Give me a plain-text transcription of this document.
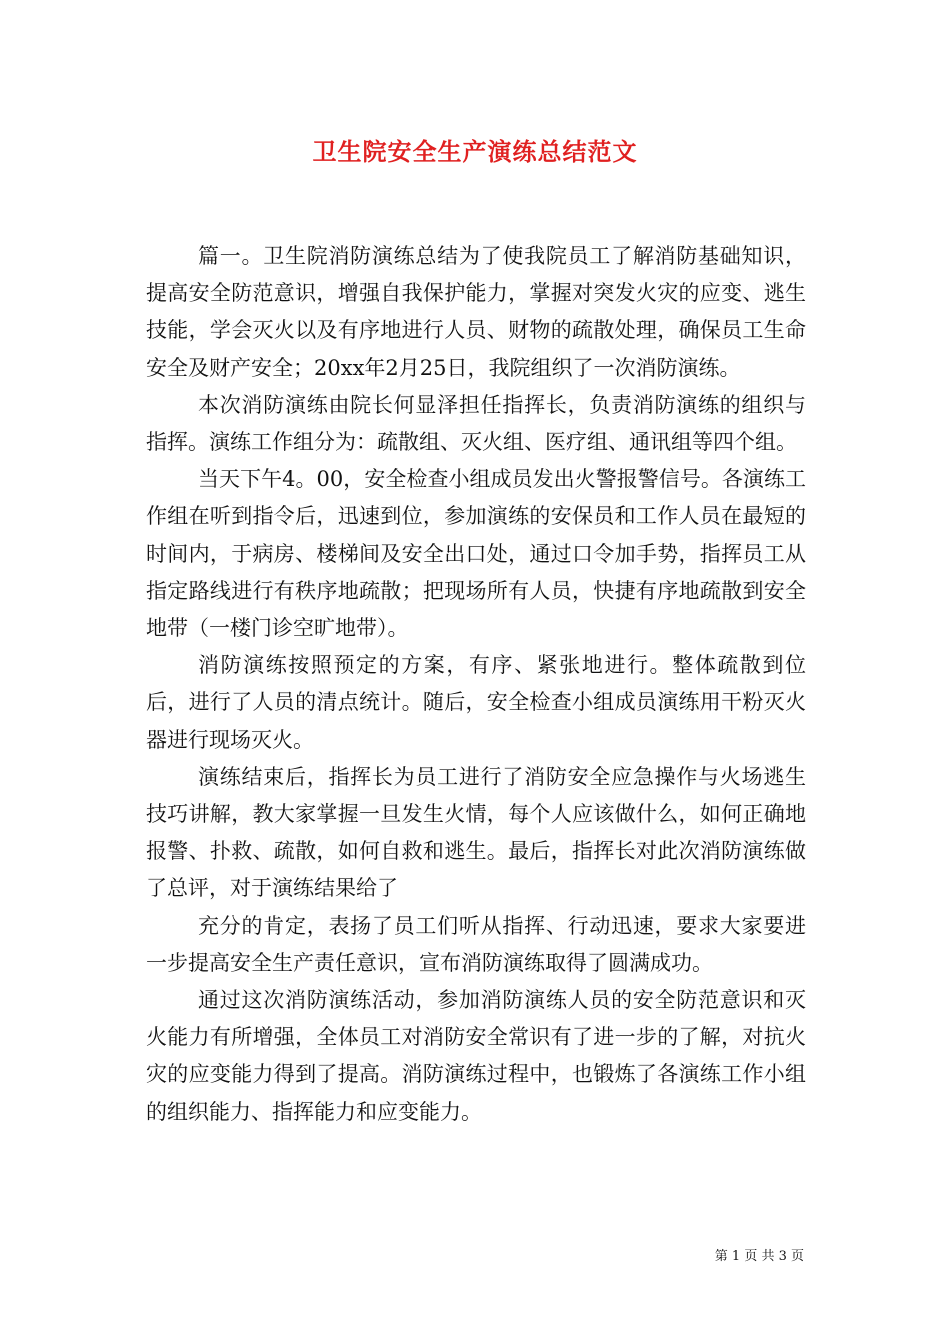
卫生院安全生产演练总结范文

篇一。卫生院消防演练总结为了使我院员工了解消防基础知识，提高安全防范意识，增强自我保护能力，掌握对突发火灾的应变、逃生技能，学会灭火以及有序地进行人员、财物的疏散处理，确保员工生命安全及财产安全；20xx年2月25日，我院组织了一次消防演练。

本次消防演练由院长何显泽担任指挥长，负责消防演练的组织与指挥。演练工作组分为：疏散组、灭火组、医疗组、通讯组等四个组。

当天下午4。00，安全检查小组成员发出火警报警信号。各演练工作组在听到指令后，迅速到位，参加演练的安保员和工作人员在最短的时间内，于病房、楼梯间及安全出口处，通过口令加手势，指挥员工从指定路线进行有秩序地疏散；把现场所有人员，快捷有序地疏散到安全地带（一楼门诊空旷地带）。

消防演练按照预定的方案，有序、紧张地进行。整体疏散到位后，进行了人员的清点统计。随后，安全检查小组成员演练用干粉灭火器进行现场灭火。

演练结束后，指挥长为员工进行了消防安全应急操作与火场逃生技巧讲解，教大家掌握一旦发生火情，每个人应该做什么，如何正确地报警、扑救、疏散，如何自救和逃生。最后，指挥长对此次消防演练做了总评，对于演练结果给了

充分的肯定，表扬了员工们听从指挥、行动迅速，要求大家要进一步提高安全生产责任意识，宣布消防演练取得了圆满成功。

通过这次消防演练活动，参加消防演练人员的安全防范意识和灭火能力有所增强，全体员工对消防安全常识有了进一步的了解，对抗火灾的应变能力得到了提高。消防演练过程中，也锻炼了各演练工作小组的组织能力、指挥能力和应变能力。

第 1 页 共 3 页
